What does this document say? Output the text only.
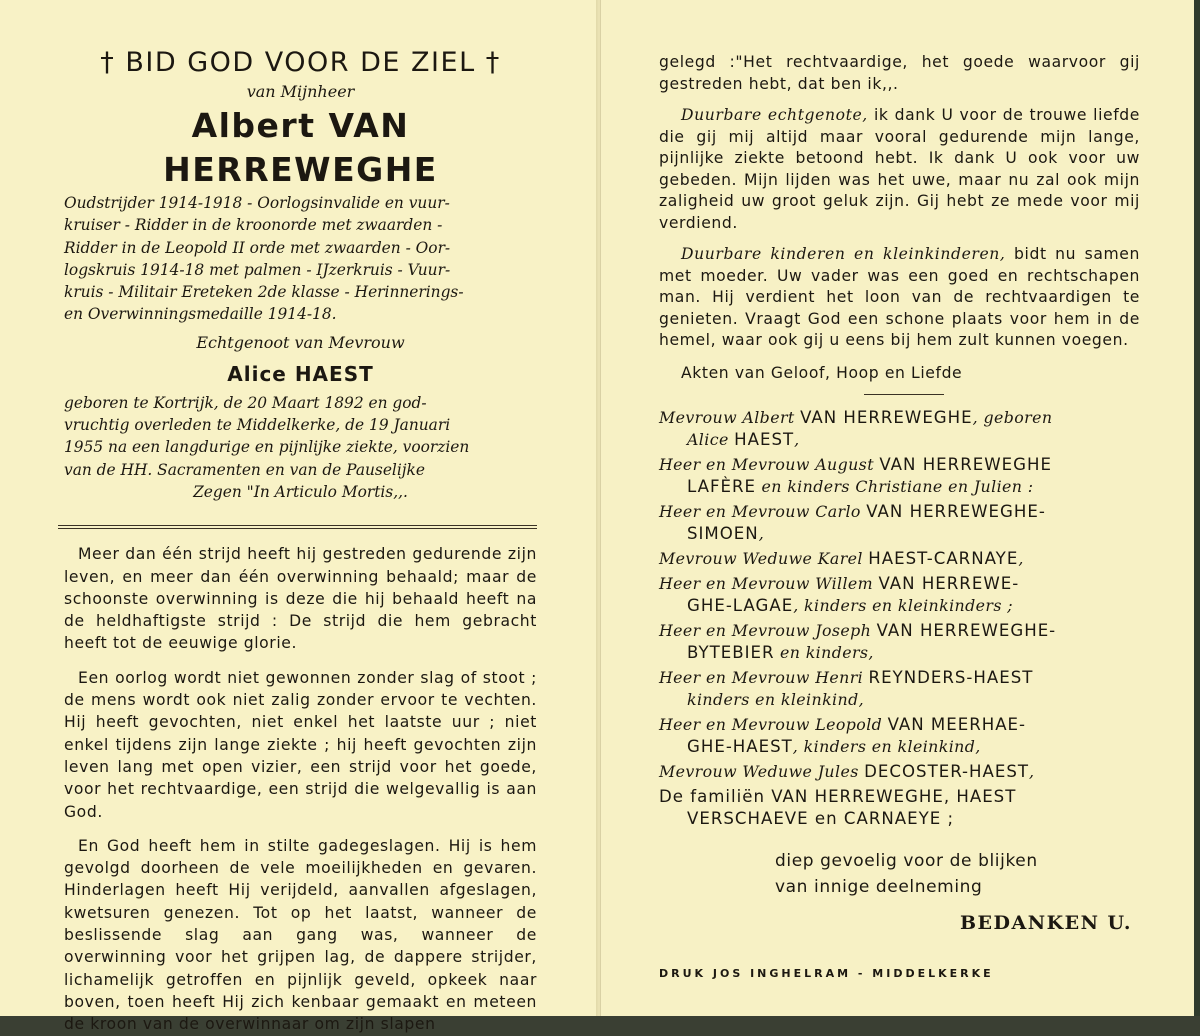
† BID GOD VOOR DE ZIEL †

van Mijnheer

Albert VAN HERREWEGHE

Oudstrijder 1914-1918 - Oorlogsinvalide en vuur-

kruiser - Ridder in de kroonorde met zwaarden -

Ridder in de Leopold II orde met zwaarden - Oor-

logskruis 1914-18 met palmen - IJzerkruis - Vuur-

kruis - Militair Ereteken 2de klasse - Herinnerings-

en Overwinningsmedaille 1914-18.

Echtgenoot van Mevrouw

Alice HAEST

geboren te Kortrijk, de 20 Maart 1892 en god-

vruchtig overleden te Middelkerke, de 19 Januari

1955 na een langdurige en pijnlijke ziekte, voorzien

van de HH. Sacramenten en van de Pauselijke

Zegen "In Articulo Mortis,,.

Meer dan één strijd heeft hij gestreden gedurende zijn leven, en meer dan één overwinning behaald; maar de schoonste overwinning is deze die hij behaald heeft na de heldhaftigste strijd : De strijd die hem gebracht heeft tot de eeuwige glorie.

Een oorlog wordt niet gewonnen zonder slag of stoot ; de mens wordt ook niet zalig zonder ervoor te vechten. Hij heeft gevochten, niet enkel het laatste uur ; niet enkel tijdens zijn lange ziekte ; hij heeft gevochten zijn leven lang met open vizier, een strijd voor het goede, voor het rechtvaardige, een strijd die welgevallig is aan God.

En God heeft hem in stilte gadegeslagen. Hij is hem gevolgd doorheen de vele moeilijkheden en gevaren. Hinderlagen heeft Hij verijdeld, aanvallen afgeslagen, kwetsuren genezen. Tot op het laatst, wanneer de beslissende slag aan gang was, wanneer de overwinning voor het grijpen lag, de dappere strijder, lichamelijk getroffen en pijnlijk geveld, opkeek naar boven, toen heeft Hij zich kenbaar gemaakt en meteen de kroon van de overwinnaar om zijn slapen

gelegd :"Het rechtvaardige, het goede waarvoor gij gestreden hebt, dat ben ik,,.

Duurbare echtgenote, ik dank U voor de trouwe liefde die gij mij altijd maar vooral gedurende mijn lange, pijnlijke ziekte betoond hebt. Ik dank U ook voor uw gebeden. Mijn lijden was het uwe, maar nu zal ook mijn zaligheid uw groot geluk zijn. Gij hebt ze mede voor mij verdiend.

Duurbare kinderen en kleinkinderen, bidt nu samen met moeder. Uw vader was een goed en rechtschapen man. Hij verdient het loon van de rechtvaardigen te genieten. Vraagt God een schone plaats voor hem in de hemel, waar ook gij u eens bij hem zult kunnen voegen.

Akten van Geloof, Hoop en Liefde

Mevrouw Albert VAN HERREWEGHE, geboren
Alice HAEST,

Heer en Mevrouw August VAN HERREWEGHE
LAFÈRE en kinders Christiane en Julien :

Heer en Mevrouw Carlo VAN HERREWEGHE-
SIMOEN,

Mevrouw Weduwe Karel HAEST-CARNAYE,

Heer en Mevrouw Willem VAN HERREWE-
GHE-LAGAE, kinders en kleinkinders ;

Heer en Mevrouw Joseph VAN HERREWEGHE-
BYTEBIER en kinders,

Heer en Mevrouw Henri REYNDERS-HAEST
kinders en kleinkind,

Heer en Mevrouw Leopold VAN MEERHAE-
GHE-HAEST, kinders en kleinkind,

Mevrouw Weduwe Jules DECOSTER-HAEST,

De familiën VAN HERREWEGHE, HAEST
VERSCHAEVE en CARNAEYE ;

diep gevoelig voor de blijken
van innige deelneming

BEDANKEN U.

DRUK JOS INGHELRAM - MIDDELKERKE
